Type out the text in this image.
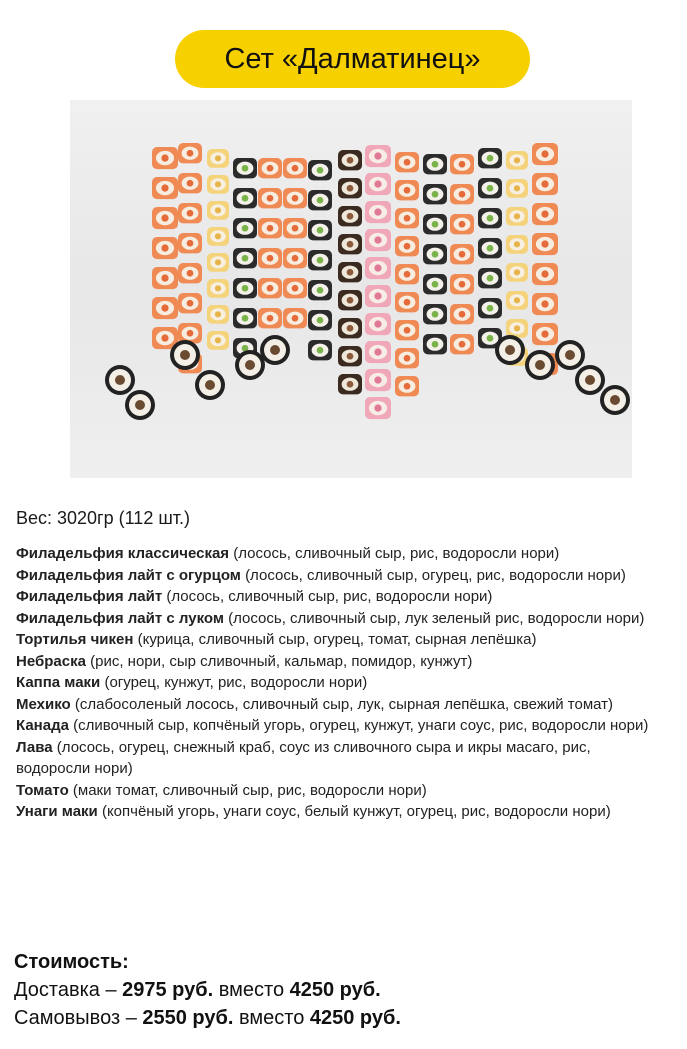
Сет «Далматинец»
Вес: 3020гр (112 шт.)
Филадельфия классическая (лосось, сливочный сыр, рис, водоросли нори)
Филадельфия лайт с огурцом (лосось, сливочный сыр, огурец, рис, водоросли нори)
Филадельфия лайт (лосось, сливочный сыр, рис, водоросли нори)
Филадельфия лайт с луком (лосось, сливочный сыр, лук зеленый рис, водоросли нори)
Тортилья чикен (курица, сливочный сыр, огурец, томат, сырная лепёшка)
Небраска (рис, нори, сыр сливочный, кальмар, помидор, кунжут)
Каппа маки (огурец, кунжут, рис, водоросли нори)
Мехико (слабосоленый лосось, сливочный сыр, лук, сырная лепёшка, свежий томат)
Канада (сливочный сыр, копчёный угорь, огурец, кунжут, унаги соус, рис, водоросли нори)
Лава (лосось, огурец, снежный краб, соус из сливочного сыра и икры масаго, рис, водоросли нори)
Томато (маки томат, сливочный сыр, рис, водоросли нори)
Унаги маки (копчёный угорь, унаги соус, белый кунжут, огурец, рис, водоросли нори)
Стоимость:
Доставка – 2975 руб. вместо 4250 руб.
Самовывоз – 2550 руб. вместо 4250 руб.
